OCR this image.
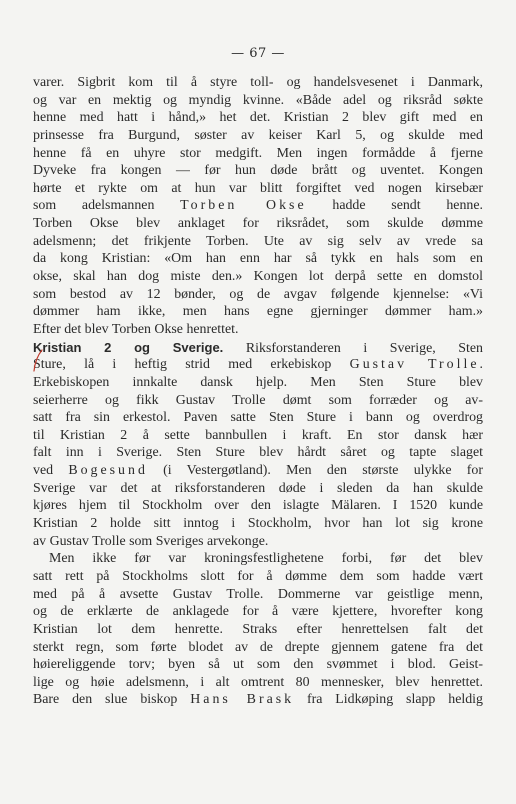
— 67 —
varer. Sigbrit kom til å styre toll- og handelsvesenet i Danmark,
og var en mektig og myndig kvinne. «Både adel og riksråd søkte
henne med hatt i hånd,» het det. Kristian 2 blev gift med en
prinsesse fra Burgund, søster av keiser Karl 5, og skulde med
henne få en uhyre stor medgift. Men ingen formådde å fjerne
Dyveke fra kongen — før hun døde brått og uventet. Kongen
hørte et rykte om at hun var blitt forgiftet ved nogen kirsebær
som adelsmannen Torben Okse hadde sendt henne.
Torben Okse blev anklaget for riksrådet, som skulde dømme
adelsmenn; det frikjente Torben. Ute av sig selv av vrede sa
da kong Kristian: «Om han enn har så tykk en hals som en
okse, skal han dog miste den.» Kongen lot derpå sette en domstol
som bestod av 12 bønder, og de avgav følgende kjennelse: «Vi
dømmer ham ikke, men hans egne gjerninger dømmer ham.»
Efter det blev Torben Okse henrettet.
Kristian 2 og Sverige. Riksforstanderen i Sverige, Sten
Sture, lå i heftig strid med erkebiskop Gustav Trolle.
Erkebiskopen innkalte dansk hjelp. Men Sten Sture blev
seierherre og fikk Gustav Trolle dømt som forræder og av-
satt fra sin erkestol. Paven satte Sten Sture i bann og overdrog
til Kristian 2 å sette bannbullen i kraft. En stor dansk hær
falt inn i Sverige. Sten Sture blev hårdt såret og tapte slaget
ved Bogesund (i Vestergøtland). Men den største ulykke for
Sverige var det at riksforstanderen døde i sleden da han skulde
kjøres hjem til Stockholm over den islagte Mälaren. I 1520 kunde
Kristian 2 holde sitt inntog i Stockholm, hvor han lot sig krone
av Gustav Trolle som Sveriges arvekonge.
Men ikke før var kroningsfestlighetene forbi, før det blev
satt rett på Stockholms slott for å dømme dem som hadde vært
med på å avsette Gustav Trolle. Dommerne var geistlige menn,
og de erklærte de anklagede for å være kjettere, hvorefter kong
Kristian lot dem henrette. Straks efter henrettelsen falt det
sterkt regn, som førte blodet av de drepte gjennem gatene fra det
høiereliggende torv; byen så ut som den svømmet i blod. Geist-
lige og høie adelsmenn, i alt omtrent 80 mennesker, blev henrettet.
Bare den slue biskop Hans Brask fra Lidkøping slapp heldig
